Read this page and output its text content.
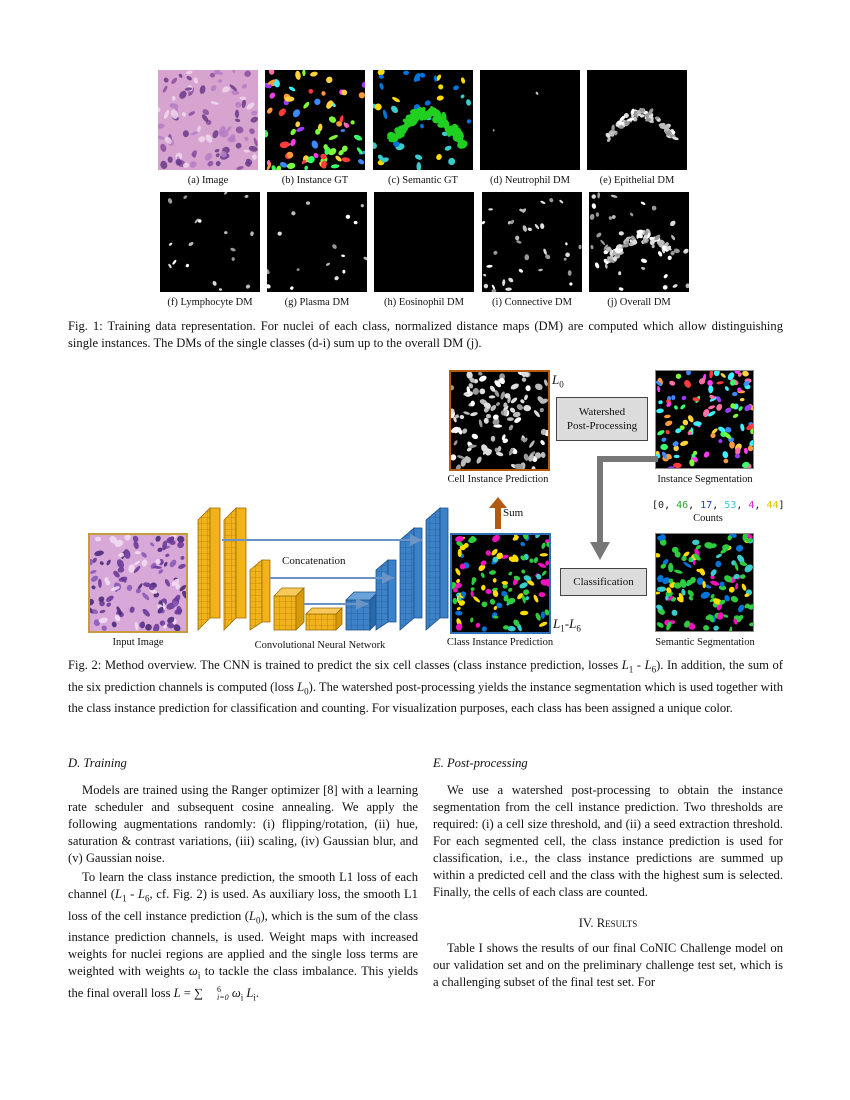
(a) Image	(b) Instance GT	(c) Semantic GT	(d) Neutrophil DM	(e) Epithelial DM
(f) Lymphocyte DM	(g) Plasma DM	(h) Eosinophil DM	(i) Connective DM	(j) Overall DM
Fig. 1: Training data representation. For nuclei of each class, normalized distance maps (DM) are computed which allow distinguishing single instances. The DMs of the single classes (d-i) sum up to the overall DM (j).
Input Image
Concatenation
Convolutional Neural Network	Class Instance Prediction
$L_1-L_6$
Sum
Cell Instance Prediction
$L_0$
Watershed
Post-Processing
Instance Segmentation
[0, 46, 17, 53, 4, 44]
Counts
Classification
Semantic Segmentation
Fig. 2: Method overview. The CNN is trained to predict the six cell classes (class instance prediction, losses $L_1 - L_6$). In addition, the sum of the six prediction channels is computed (loss $L_0$). The watershed post-processing yields the instance segmentation which is used together with the class instance prediction for classification and counting. For visualization purposes, each class has been assigned a unique color.
D. Training

Models are trained using the Ranger optimizer [8] with a learning rate scheduler and subsequent cosine annealing. We apply the following augmentations randomly: (i) flipping/rotation, (ii) hue, saturation & contrast variations, (iii) scaling, (iv) Gaussian blur, and (v) Gaussian noise.

To learn the class instance prediction, the smooth L1 loss of each channel ($L_1 - L_6$, cf. Fig. 2) is used. As auxiliary loss, the smooth L1 loss of the cell instance prediction $(L_0)$, which is the sum of the class instance prediction channels, is used. Weight maps with increased weights for nuclei regions are applied and the single loss terms are weighted with weights $\omega_i$ to tackle the class imbalance. This yields the final overall loss L = ∑	6
i=0 $\omega_i$ $L_i$.

E. Post-processing

We use a watershed post-processing to obtain the instance segmentation from the cell instance prediction. Two thresholds are required: (i) a cell size threshold, and (ii) a seed extraction threshold. For each segmented cell, the class instance prediction is used for classification, i.e., the class instance predictions are summed up within a predicted cell and the class with the highest sum is selected. Finally, the cells of each class are counted.

IV. Results

Table I shows the results of our final CoNIC Challenge model on our validation set and on the preliminary challenge test set, which is a challenging subset of the final test set. For
